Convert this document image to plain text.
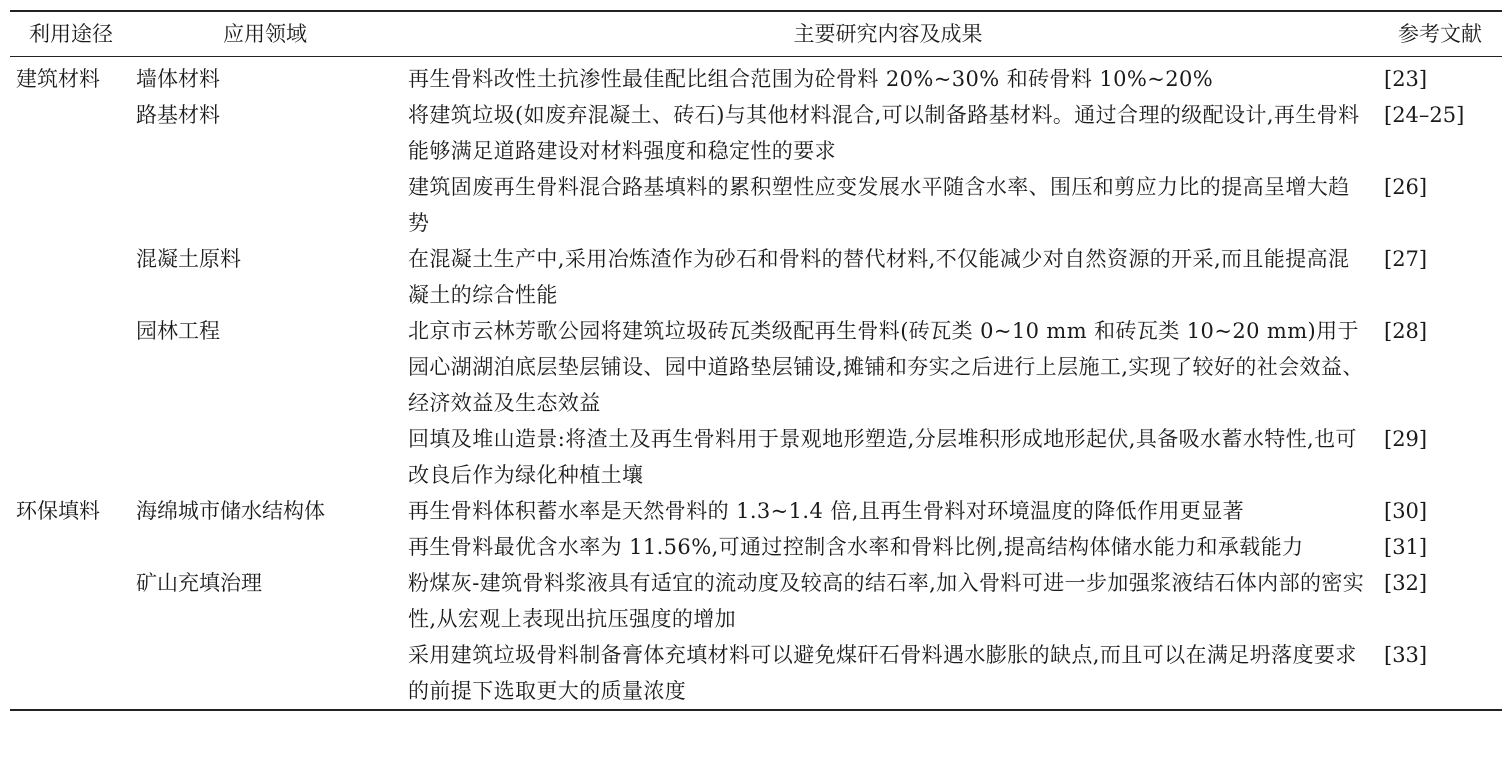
利用途径	应用领域	主要研究内容及成果	参考文献
建筑材料	墙体材料	再生骨料改性土抗渗性最佳配比组合范围为砼骨料 20%~30% 和砖骨料 10%~20%	[23]
	路基材料	将建筑垃圾(如废弃混凝土、砖石)与其他材料混合,可以制备路基材料。通过合理的级配设计,再生骨料能够满足道路建设对材料强度和稳定性的要求	[24–25]
		建筑固废再生骨料混合路基填料的累积塑性应变发展水平随含水率、围压和剪应力比的提高呈增大趋势	[26]
	混凝土原料	在混凝土生产中,采用冶炼渣作为砂石和骨料的替代材料,不仅能减少对自然资源的开采,而且能提高混凝土的综合性能	[27]
	园林工程	北京市云林芳歌公园将建筑垃圾砖瓦类级配再生骨料(砖瓦类 0~10 mm 和砖瓦类 10~20 mm)用于园心湖湖泊底层垫层铺设、园中道路垫层铺设,摊铺和夯实之后进行上层施工,实现了较好的社会效益、经济效益及生态效益	[28]
		回填及堆山造景:将渣土及再生骨料用于景观地形塑造,分层堆积形成地形起伏,具备吸水蓄水特性,也可改良后作为绿化种植土壤	[29]
环保填料	海绵城市储水结构体	再生骨料体积蓄水率是天然骨料的 1.3~1.4 倍,且再生骨料对环境温度的降低作用更显著	[30]
		再生骨料最优含水率为 11.56%,可通过控制含水率和骨料比例,提高结构体储水能力和承载能力	[31]
	矿山充填治理	粉煤灰-建筑骨料浆液具有适宜的流动度及较高的结石率,加入骨料可进一步加强浆液结石体内部的密实性,从宏观上表现出抗压强度的增加	[32]
		采用建筑垃圾骨料制备膏体充填材料可以避免煤矸石骨料遇水膨胀的缺点,而且可以在满足坍落度要求的前提下选取更大的质量浓度	[33]
